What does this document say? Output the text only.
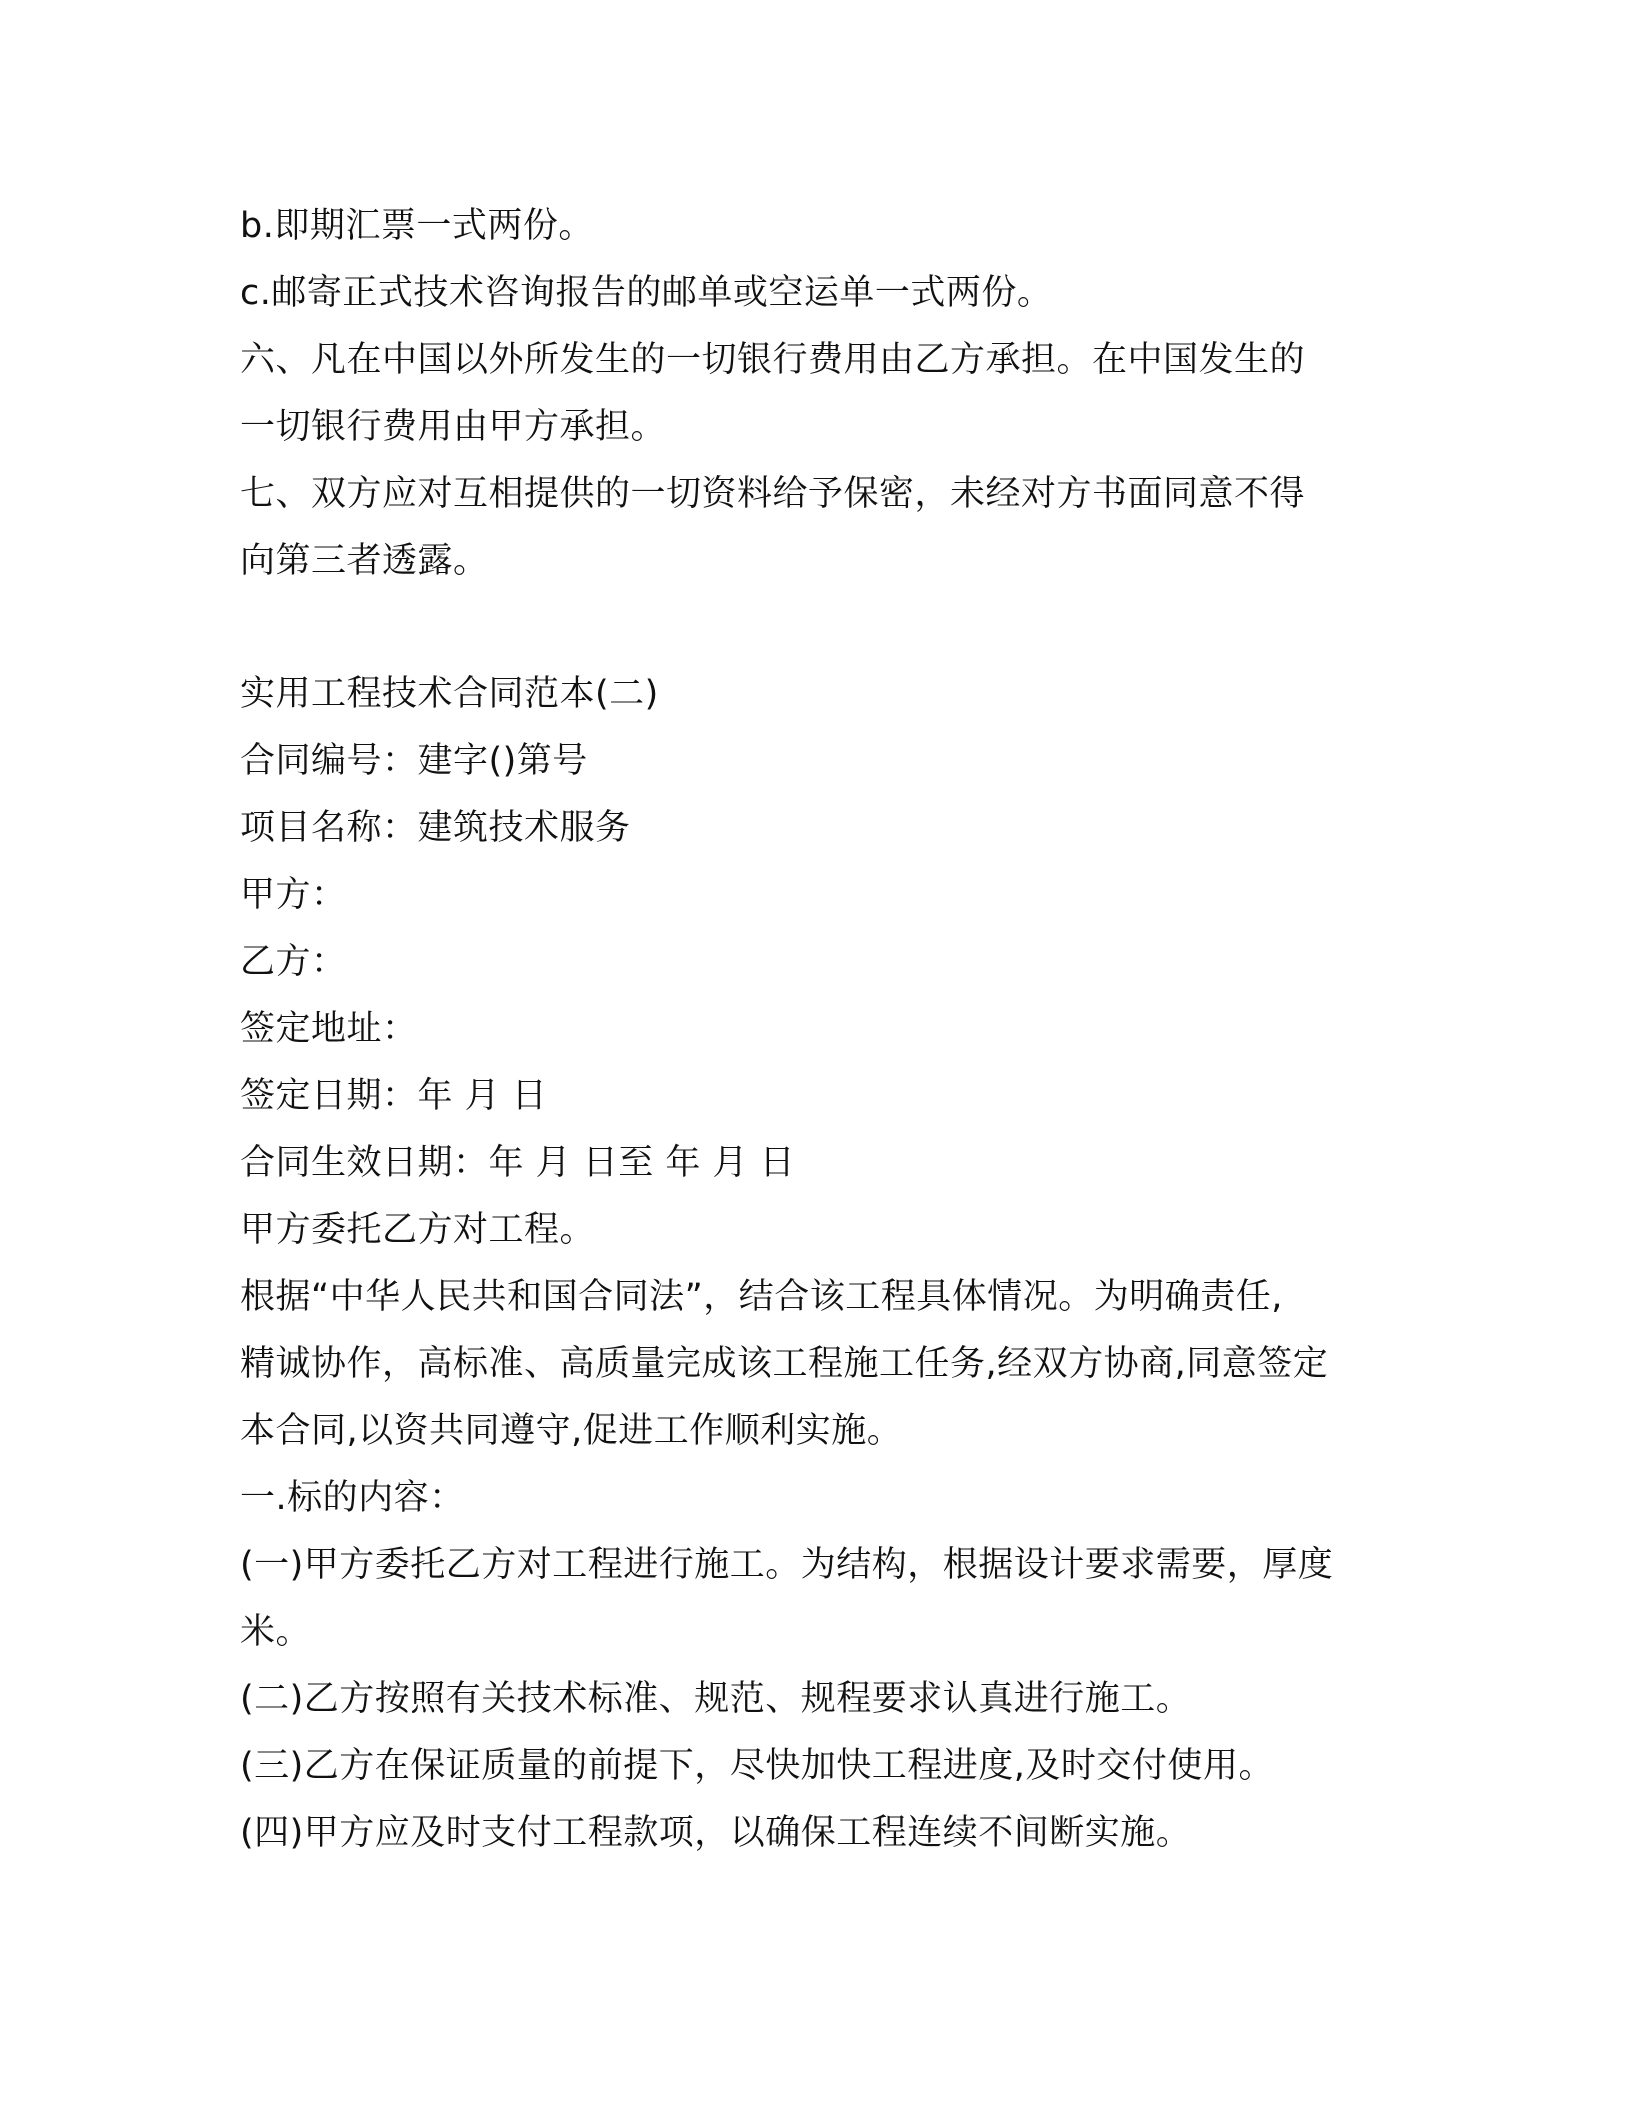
b.即期汇票一式两份。
c.邮寄正式技术咨询报告的邮单或空运单一式两份。
六、凡在中国以外所发生的一切银行费用由乙方承担。在中国发生的
一切银行费用由甲方承担。
七、双方应对互相提供的一切资料给予保密，未经对方书面同意不得
向第三者透露。
实用工程技术合同范本(二)
合同编号：建字()第号
项目名称：建筑技术服务
甲方：
乙方：
签定地址：
签定日期：年 月 日
合同生效日期：年 月 日至 年 月 日
甲方委托乙方对工程。
根据“中华人民共和国合同法”，结合该工程具体情况。为明确责任,
精诚协作，高标准、高质量完成该工程施工任务,经双方协商,同意签定
本合同,以资共同遵守,促进工作顺利实施。
一.标的内容：
(一)甲方委托乙方对工程进行施工。为结构，根据设计要求需要，厚度
米。
(二)乙方按照有关技术标准、规范、规程要求认真进行施工。
(三)乙方在保证质量的前提下，尽快加快工程进度,及时交付使用。
(四)甲方应及时支付工程款项，以确保工程连续不间断实施。
